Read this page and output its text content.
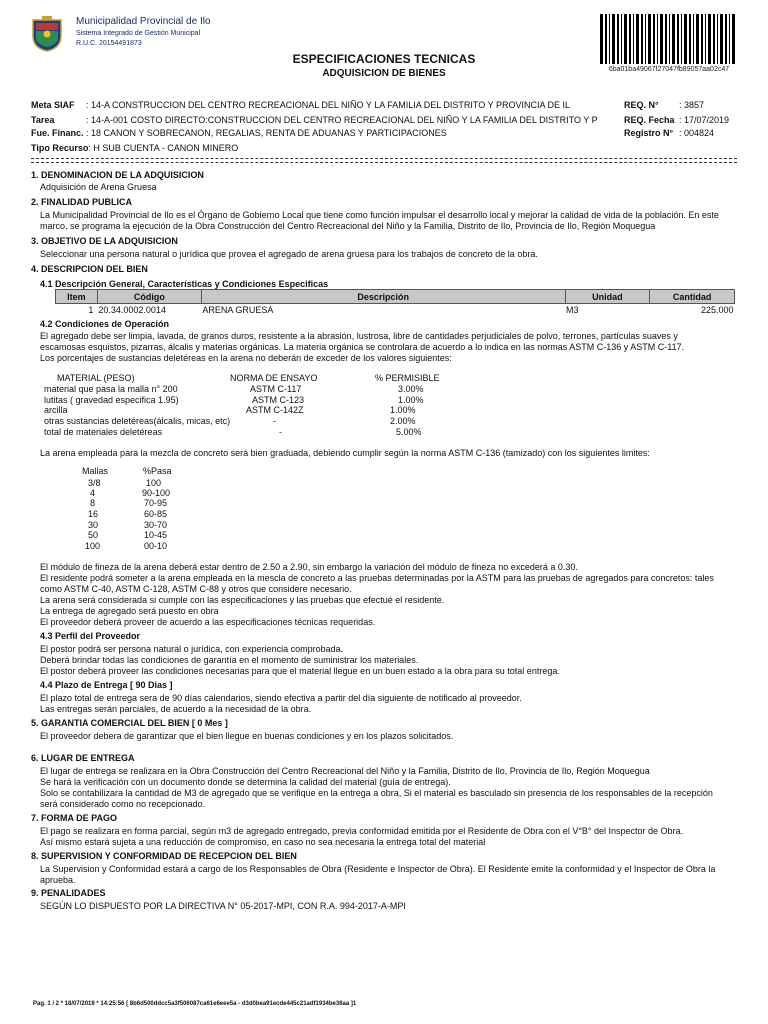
Municipalidad Provincial de Ilo
Sistema Integrado de Gestión Municipal
R.U.C. 20154491873
ESPECIFICACIONES TECNICAS
ADQUISICION DE BIENES	6ba01ba49067f27047fb89057aa02c47
Meta SIAF : 14-A CONSTRUCCION DEL CENTRO RECREACIONAL DEL NIÑO Y LA FAMILIA DEL DISTRITO Y PROVINCIA DE IL
Tarea	: 14-A-001 COSTO DIRECTO:CONSTRUCCION DEL CENTRO RECREACIONAL DEL NIÑO Y LA FAMILIA DEL DISTRITO Y P
Fue. Financ. : 18 CANON Y SOBRECANON, REGALIAS, RENTA DE ADUANAS Y PARTICIPACIONES
Tipo Recurso: H SUB CUENTA - CANON MINERO
REQ. N° : 3857
REQ. Fecha : 17/07/2019
Registro N° : 004824
1. DENOMINACION DE LA ADQUISICION
Adquisición de Arena Gruesa
2. FINALIDAD PUBLICA
La Municipalidad Provincial de Ilo es el Órgano de Gobierno Local que tiene como función impulsar el desarrollo local y mejorar la calidad de vida de la población. En este
marco, se programa la ejecución de la Obra Construcción del Centro Recreacional del Niño y la Familia, Distrito de Ilo, Provincia de Ilo, Región Moquegua
3. OBJETIVO DE LA ADQUISICION
Seleccionar una persona natural o jurídica que provea el agregado de arena gruesa para los trabajos de concreto de la obra.
4. DESCRIPCION DEL BIEN
4.1 Descripción General, Características y Condiciones Especificas
Item	Código	Descripción	Unidad	Cantidad
1	20.34.0002.0014	ARENA GRUESA	M3	225.000
4.2 Condiciones de Operación
El agregado debe ser limpia, lavada, de granos duros, resistente a la abrasión, lustrosa, libre de cantidades perjudiciales de polvo, terrones, partículas suaves y
escamosas esquistos, pizarras, álcalis y materias orgánicas. La materia orgánica se controlara de acuerdo a lo indica en las normas ASTM C-136 y ASTM C-117.
Los porcentajes de sustancias deletéreas en la arena no deberán de exceder de los valores siguientes:
MATERIAL (PESO)	NORMA DE ENSAYO	% PERMISIBLE
material que pasa la malla n° 200	ASTM C-117	3.00%
lutitas ( gravedad especifica 1.95)	ASTM C-123	1.00%
arcilla	ASTM C-142Z	1.00%
otras sustancias deletéreas(álcalis, micas, etc)	-	2.00%
total de materiales deletéreas	-	5.00%
La arena empleada para la mezcla de concreto será bien graduada, debiendo cumplir según la norma ASTM C-136 (tamizado) con los siguientes limites:
Mallas	%Pasa
3/8	100
4	90-100
8	70-95
16	60-85
30	30-70
50	10-45
100	00-10
El módulo de fineza de la arena deberá estar dentro de 2.50 a 2.90, sin embargo la variación del módulo de fineza no excederá a 0.30.
El residente podrá someter a la arena empleada en la mescla de concreto a las pruebas determinadas por la ASTM para las pruebas de agregados para concretos: tales
como ASTM C-40, ASTM C-128, ASTM C-88 y otros que considere necesario.
La arena será considerada si cumple con las especificaciones y las pruebas que efectué el residente.
La entrega de agregado será puesto en obra
El proveedor deberá proveer de acuerdo a las especificaciones técnicas requeridas.
4.3 Perfil del Proveedor
El postor podrá ser persona natural o jurídica, con experiencia comprobada.
Deberá brindar todas las condiciones de garantía en el momento de suministrar los materiales.
El postor deberá proveer las condiciones necesarias para que el material llegue en un buen estado a la obra para su total entrega.
4.4 Plazo de Entrega [ 90 Días ]
El plazo total de entrega sera de 90 días calendarios, siendo efectiva a partir del día siguiente de notificado al proveedor.
Las entregas serán parciales, de acuerdo a la necesidad de la obra.
5. GARANTIA COMERCIAL DEL BIEN [ 0 Mes ]
El proveedor debera de garantizar que el bien llegue en buenas condiciones y en los plazos solicitados.
6. LUGAR DE ENTREGA
El lugar de entrega se realizara en la Obra Construcción del Centro Recreacional del Niño y la Familia, Distrito de Ilo, Provincia de Ilo, Región Moquegua
Se hará la verificación con un documento donde se determina la calidad del material (guía de entrega).
Solo se contabilizara la cantidad de M3 de agregado que se verifique en la entrega a obra, Si el material es basculado sin presencia de los responsables de la recepción
será considerado como no recepcionado.
7. FORMA DE PAGO
El pago se realizara en forma parcial, según m3 de agregado entregado, previa conformidad emitida por el Residente de Obra con el V°B° del Inspector de Obra.
Así mismo estará sujeta a una reducción de compromiso, en caso no sea necesaria la entrega total del material
8. SUPERVISION Y CONFORMIDAD DE RECEPCION DEL BIEN
La Supervision y Conformidad estará a cargo de los Responsables de Obra (Residente e Inspector de Obra). El Residente emite la conformidad y el Inspector de Obra la
aprueba.
9. PENALIDADES
SEGÚN LO DISPUESTO POR LA DIRECTIVA N° 05-2017-MPI, CON R.A. 994-2017-A-MPI
Pag. 1 / 2 * 18/07/2019 * 14:25:56 [ 8b6d500ddcc5a3f506087ca61e6eee5a - d3d0bea91ecde445c21adf1934be36aa ]1
